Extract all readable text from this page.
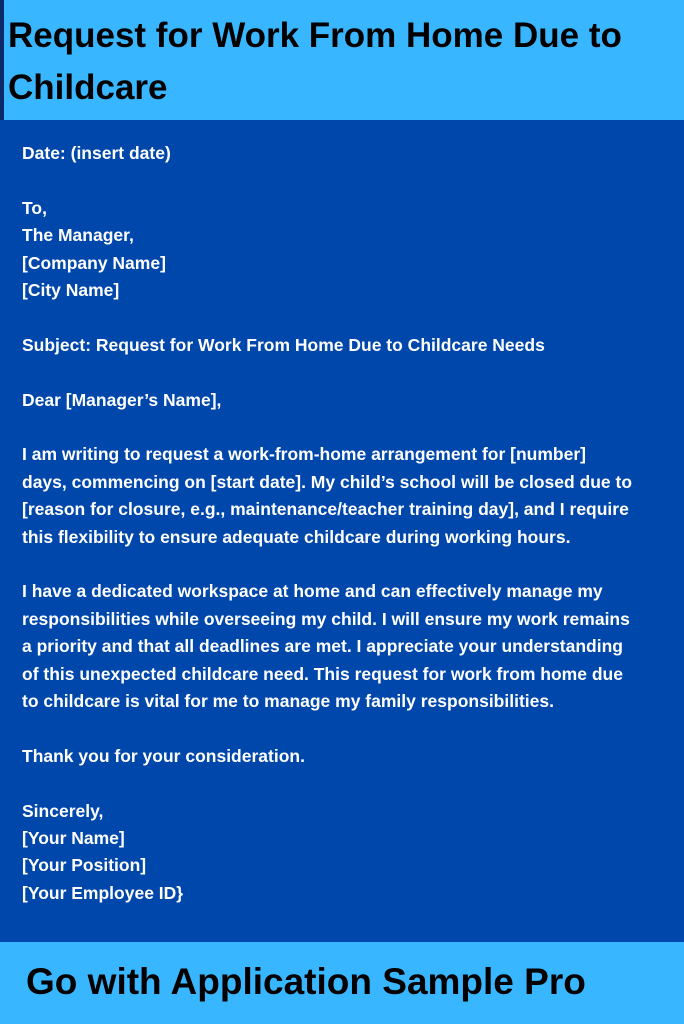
Request for Work From Home Due to
Childcare
Date: (insert date)
To,
The Manager,
[Company Name]
[City Name]
Subject: Request for Work From Home Due to Childcare Needs
Dear [Manager’s Name],
I am writing to request a work-from-home arrangement for [number]
days, commencing on [start date]. My child’s school will be closed due to
[reason for closure, e.g., maintenance/teacher training day], and I require
this flexibility to ensure adequate childcare during working hours.
I have a dedicated workspace at home and can effectively manage my
responsibilities while overseeing my child. I will ensure my work remains
a priority and that all deadlines are met. I appreciate your understanding
of this unexpected childcare need. This request for work from home due
to childcare is vital for me to manage my family responsibilities.
Thank you for your consideration.
Sincerely,
[Your Name]
[Your Position]
[Your Employee ID}
Go with Application Sample Pro
